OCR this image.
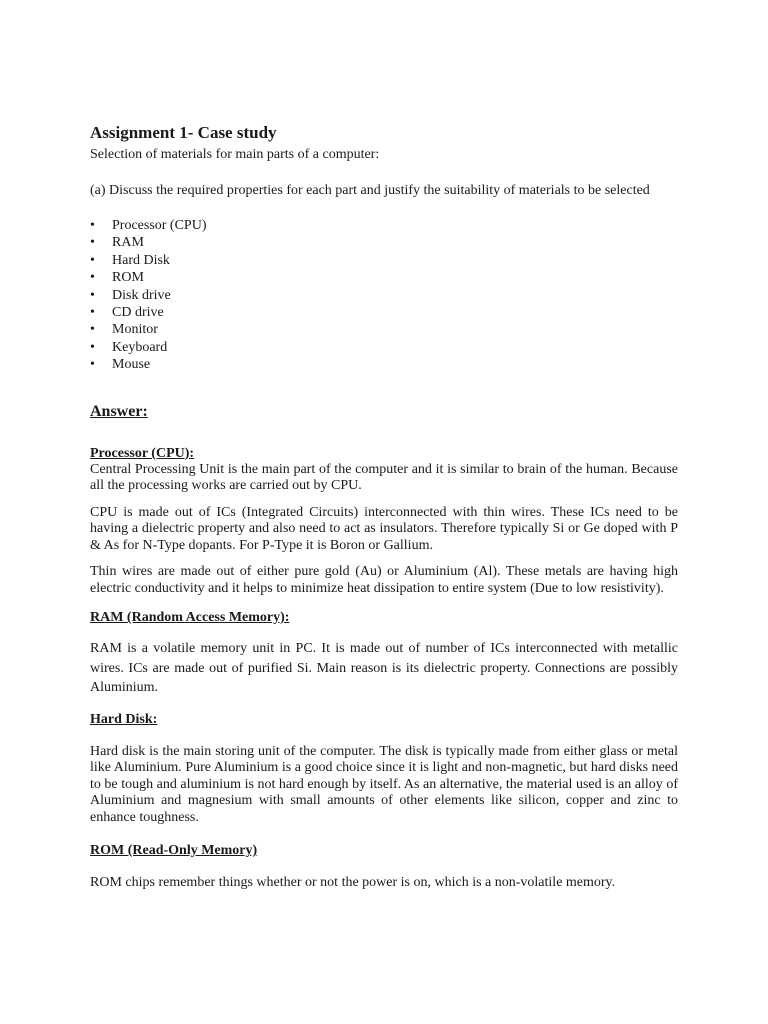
Assignment 1- Case study

Selection of materials for main parts of a computer:

(a) Discuss the required properties for each part and justify the suitability of materials to be selected

• Processor (CPU)
• RAM
• Hard Disk
• ROM
• Disk drive
• CD drive
• Monitor
• Keyboard
• Mouse
Answer:
Processor (CPU):

Central Processing Unit is the main part of the computer and it is similar to brain of the human. Because all the processing works are carried out by CPU.

CPU is made out of ICs (Integrated Circuits) interconnected with thin wires. These ICs need to be having a dielectric property and also need to act as insulators. Therefore typically Si or Ge doped with P & As for N-Type dopants. For P-Type it is Boron or Gallium.

Thin wires are made out of either pure gold (Au) or Aluminium (Al). These metals are having high electric conductivity and it helps to minimize heat dissipation to entire system (Due to low resistivity).

RAM (Random Access Memory):

RAM is a volatile memory unit in PC. It is made out of number of ICs interconnected with metallic wires. ICs are made out of purified Si. Main reason is its dielectric property. Connections are possibly Aluminium.

Hard Disk:

Hard disk is the main storing unit of the computer. The disk is typically made from either glass or metal like Aluminium. Pure Aluminium is a good choice since it is light and non-magnetic, but hard disks need to be tough and aluminium is not hard enough by itself. As an alternative, the material used is an alloy of Aluminium and magnesium with small amounts of other elements like silicon, copper and zinc to enhance toughness.

ROM (Read-Only Memory)

ROM chips remember things whether or not the power is on, which is a non-volatile memory.
